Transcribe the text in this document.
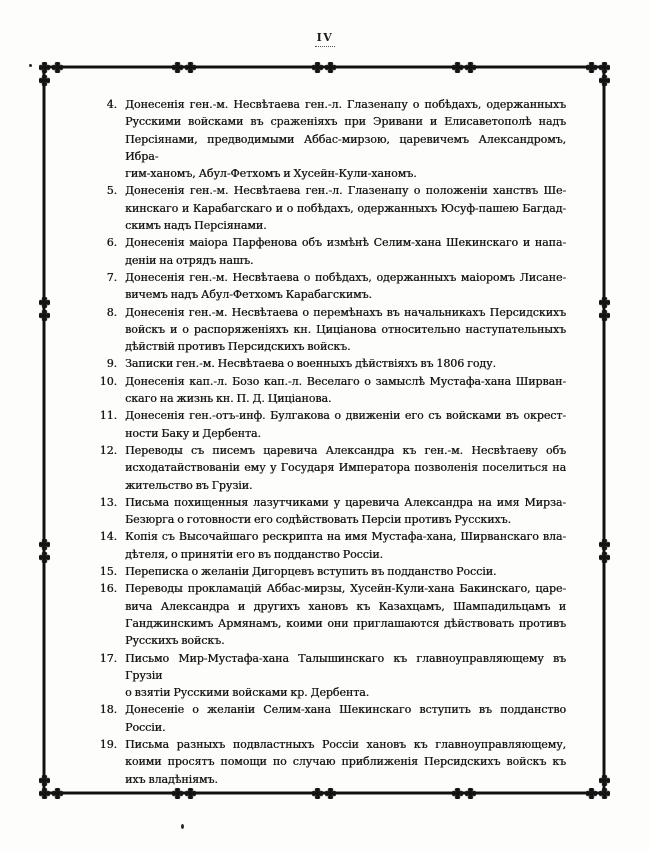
IV
4. Донесенія ген.-м. Несвѣтаева ген.-л. Глазенапу о побѣдахъ, одержанныхъ
Русскими войсками въ сраженіяхъ при Эривани и Елисаветополѣ надъ
Персіянами, предводимыми Аббас-мирзою, царевичемъ Александромъ, Ибра-
гим-ханомъ, Абул-Фетхомъ и Хусейн-Кули-ханомъ.
5. Донесенія ген.-м. Несвѣтаева ген.-л. Глазенапу о положеніи ханствъ Ше-
кинскаго и Карабагскаго и о побѣдахъ, одержанныхъ Юсуф-пашею Багдад-
скимъ надъ Персіянами.
6. Донесенія маіора Парфенова объ измѣнѣ Селим-хана Шекинскаго и напа-
деніи на отрядъ нашъ.
7. Донесенія ген.-м. Несвѣтаева о побѣдахъ, одержанныхъ маіоромъ Лисане-
вичемъ надъ Абул-Фетхомъ Карабагскимъ.
8. Донесенія ген.-м. Несвѣтаева о перемѣнахъ въ начальникахъ Персидскихъ
войскъ и о распоряженіяхъ кн. Циціанова относительно наступательныхъ
дѣйствій противъ Персидскихъ войскъ.
9. Записки ген.-м. Несвѣтаева о военныхъ дѣйствіяхъ въ 1806 году.
10. Донесенія кап.-л. Бозо кап.-л. Веселаго о замыслѣ Мустафа-хана Ширван-
скаго на жизнь кн. П. Д. Циціанова.
11. Донесенія ген.-отъ-инф. Булгакова о движеніи его съ войсками въ окрест-
ности Баку и Дербента.
12. Переводы съ писемъ царевича Александра къ ген.-м. Несвѣтаеву объ
исходатайствованіи ему у Государя Императора позволенія поселиться на
жительство въ Грузіи.
13. Письма похищенныя лазутчиками у царевича Александра на имя Мирза-
Безюрга о готовности его содѣйствовать Персіи противъ Русскихъ.
14. Копія съ Высочайшаго рескрипта на имя Мустафа-хана, Ширванскаго вла-
дѣтеля, о принятіи его въ подданство Россіи.
15. Переписка о желаніи Дигорцевъ вступить въ подданство Россіи.
16. Переводы прокламацій Аббас-мирзы, Хусейн-Кули-хана Бакинскаго, царе-
вича Александра и другихъ хановъ къ Казахцамъ, Шампадильцамъ и
Ганджинскимъ Армянамъ, коими они приглашаются дѣйствовать противъ
Русскихъ войскъ.
17. Письмо Мир-Мустафа-хана Талышинскаго къ главноуправляющему въ Грузіи
о взятіи Русскими войсками кр. Дербента.
18. Донесеніе о желаніи Селим-хана Шекинскаго вступить въ подданство
Россіи.
19. Письма разныхъ подвластныхъ Россіи хановъ къ главноуправляющему,
коими просятъ помощи по случаю приближенія Персидскихъ войскъ къ
ихъ владѣніямъ.
